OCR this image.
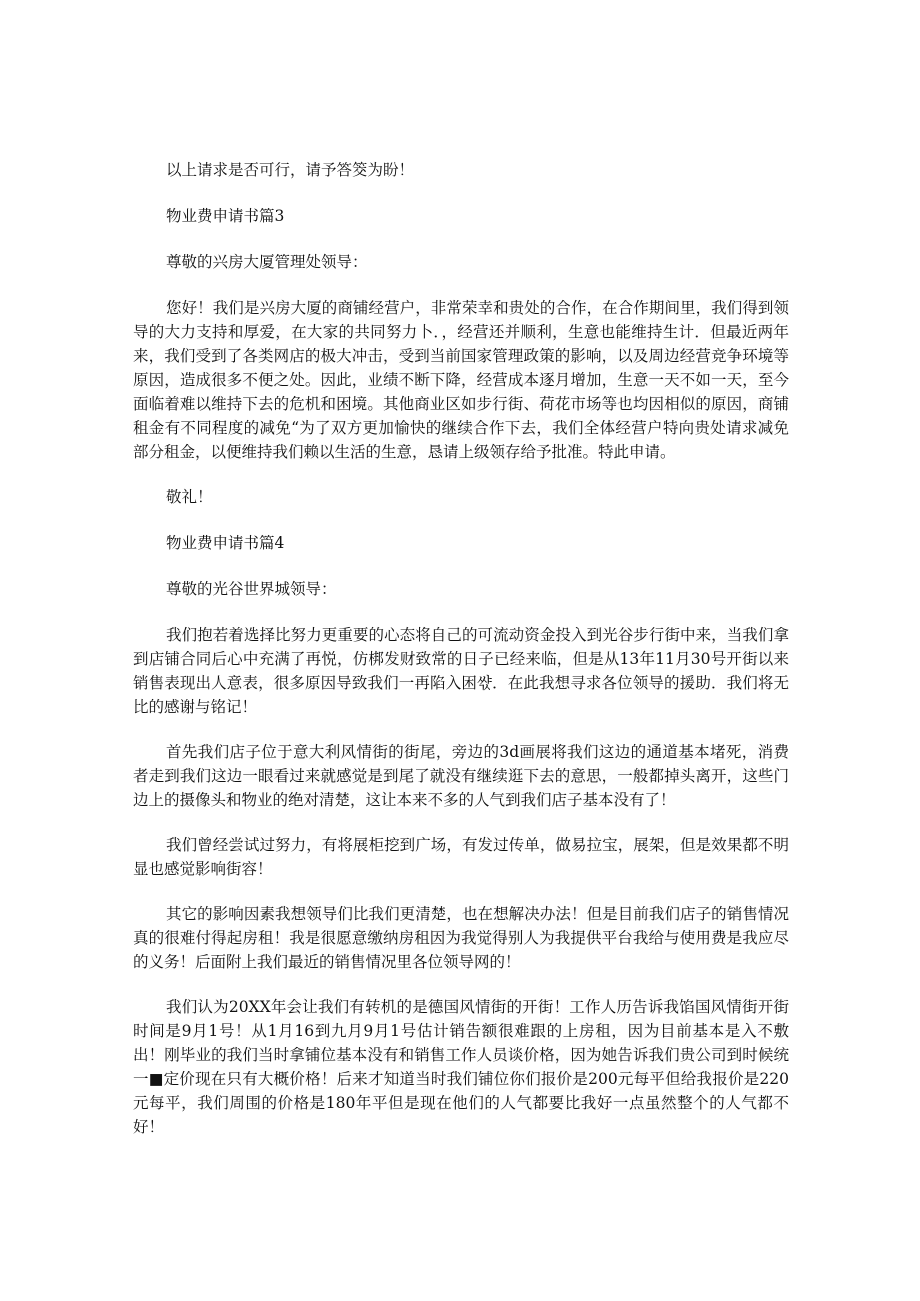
以上请求是否可行，请予答筊为盼！

物业费申请书篇3

尊敬的兴房大厦管理处领导：

您好！我们是兴房大厦的商铺经营户，非常荣幸和贵处的合作，在合作期间里，我们得到领导的大力支持和厚爱，在大家的共同努力卜．，经营还并顺利，生意也能维持生计．但最近两年来，我们受到了各类网店的极大冲击，受到当前国家管理政策的影响，以及周边经营竞争环境等原因，造成很多不便之处。因此，业绩不断下降，经营成本逐月增加，生意一天不如一天，至今面临着难以维持下去的危机和困境。其他商业区如步行街、荷花市场等也均因相似的原因，商铺租金有不同程度的减免“为了双方更加愉快的继续合作下去，我们全体经营户特向贵处请求减免部分租金，以便维持我们赖以生活的生意，恳请上级领存给予批准。特此申请。

敬礼！

物业费申请书篇4

尊敬的光谷世界城领导：

我们抱若着选择比努力更重要的心态将自己的可流动资金投入到光谷步行街中来，当我们拿到店铺合同后心中充满了再悦，仿梆发财致常的日子已经来临，但是从13年11月30号开街以来销售表现出人意表，很多原因导致我们一再陷入困쌳．在此我想寻求各位领导的援助．我们将无比的感谢与铭记！

首先我们店子位于意大利风情街的街尾，旁边的3d画展将我们这边的通道基本堵死，消费者走到我们这边一眼看过来就感觉是到尾了就没有继续逛下去的意思，一般都掉头离开，这些门边上的摄像头和物业的绝对清楚，这让本来不多的人气到我们店子基本没有了！

我们曾经尝试过努力，有将展柜挖到广场，有发过传单，做易拉宝，展架，但是效果都不明显也感觉影响街容！

其它的影响因素我想领导们比我们更清楚，也在想解决办法！但是目前我们店子的销售情况真的很难付得起房租！我是很愿意缴纳房租因为我觉得别人为我提供平台我给与使用费是我应尽的义务！后面附上我们最近的销售情况里各位领导网的！

我们认为20XX年会让我们有转机的是德国风情街的开街！工作人历告诉我馅国风情街开街时间是9月1号！从1月16到九月9月1号估计销告额很难跟的上房租，因为目前基本是入不敷出！刚毕业的我们当时拿铺位基本没有和销售工作人员谈价格，因为她告诉我们贵公司到时候统一■定价现在只有大概价格！后来才知道当时我们铺位你们报价是200元每平但给我报价是220元每平，我们周围的价格是180年平但是现在他们的人气都要比我好一点虽然整个的人气都不好！
